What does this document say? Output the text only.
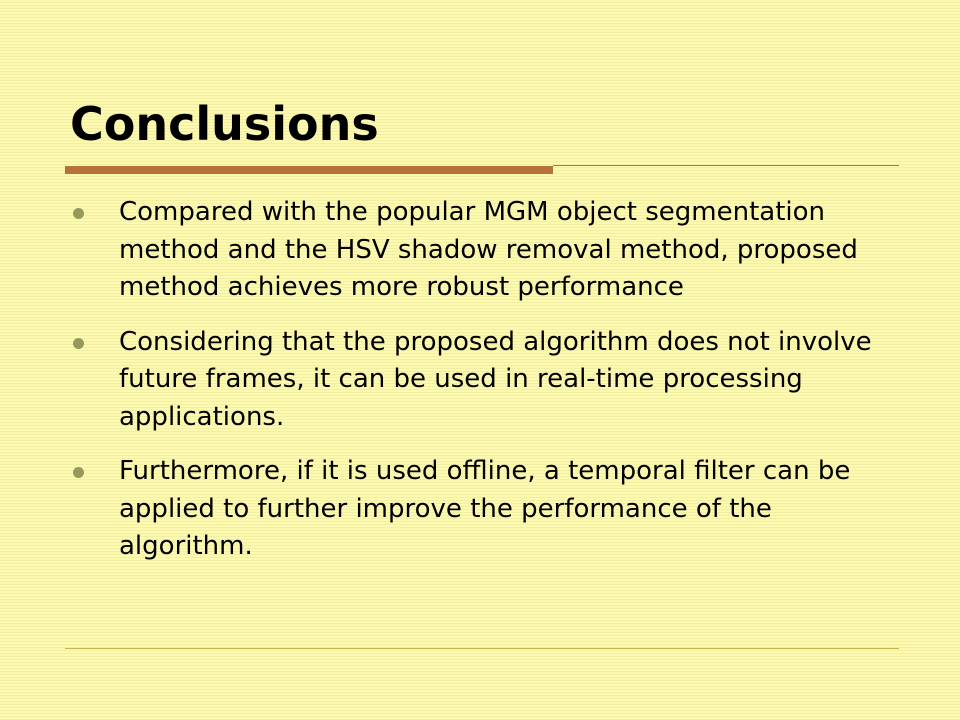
Conclusions
Compared with the popular MGM object segmentation method and the HSV shadow removal method, proposed method achieves more robust performance
Considering that the proposed algorithm does not involve future frames, it can be used in real-time processing applications.
Furthermore, if it is used offline, a temporal filter can be applied to further improve the performance of the algorithm.
